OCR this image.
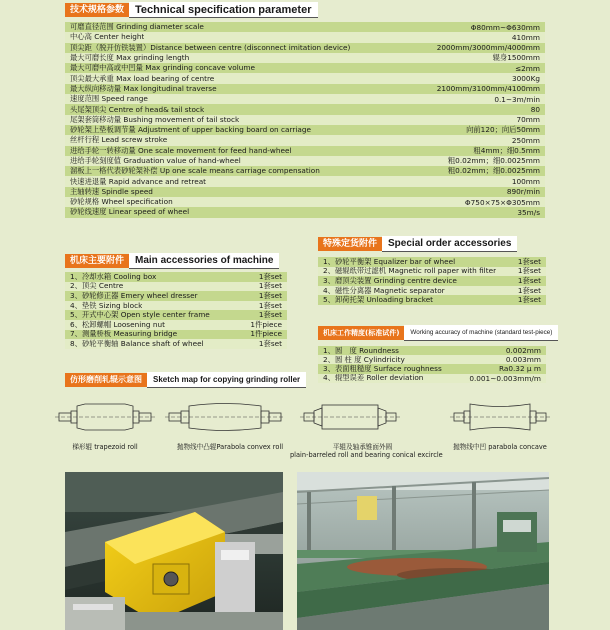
技术规格参数	Technical specification parameter
可磨直径范围 Grinding diameter scale	Φ80mm~Φ630mm
中心高 Center height	410mm
顶尖距（脱开仿铁装置）Distance between centre (disconnect imitation device)	2000mm/3000mm/4000mm
最大可磨长度 Max grinding length	辊身1500mm
最大可磨中高或中凹量 Max grinding concave volume	≤2mm
顶尖最大承重 Max load bearing of centre	3000Kg
最大纵向移动量 Max longitudinal traverse	2100mm/3100mm/4100mm
速度范围 Speed range	0.1~3m/min
头尾架顶尖 Centre of head& tail stock	80
尾架套筒移动量 Bushing movement of tail stock	70mm
砂轮架上垫板调节量 Adjustment of upper backing board on carriage	向前120；向后50mm
丝杆行程 Lead screw stroke	250mm
进给手轮一转移动量 One scale movement for feed hand-wheel	粗4mm；细0.5mm
进给手轮刻度值 Graduation value of hand-wheel	粗0.02mm；细0.0025mm
溜板上一格代表砂轮架补偿 Up one scale means carriage compensation	粗0.02mm；细0.0025mm
快速进退量 Rapid advance and retreat	100mm
主轴转速 Spindle speed	890r/min
砂轮规格 Wheel specification	Φ750×75×Φ305mm
砂轮线速度 Linear speed of wheel	35m/s
机床主要附件	Main accessories of machine
1、冷却水箱 Cooling box	1套set
2、顶尖 Centre	1套set
3、砂轮修正器 Emery wheel dresser	1套set
4、垫铁 Sizing block	1套set
5、开式中心架 Open style center frame	1套set
6、松卸螺帽 Loosening nut	1件piece
7、测量桥板 Measuring bridge	1件piece
8、砂轮平衡轴 Balance shaft of wheel	1套set
特殊定货附件	Special order accessories
1、砂轮平衡架 Equalizer bar of wheel	1套set
2、磁辊纸带过滤机 Magnetic roll paper with filter	1套set
3、磨顶尖装置 Grinding centre device	1套set
4、磁性分离器 Magnetic separator	1套set
5、卸荷托架 Unloading bracket	1套set
机床工作精度(标准试件)	Working accuracy of machine (standard test-piece)
1、圆　度 Roundness	0.002mm
2、圆 柱 度 Cylindricity	0.003mm
3、表面粗糙度 Surface roughness	Ra0.32 μ m
4、辊型误差 Roller deviation	0.001~0.003mm/m
仿形磨削轧辊示意图	Sketch map for copying grinding roller
梯形辊 trapezoid roll	抛物线中凸辊Parabola convex roll	平辊及轴承锥面外圆
plain-barreled roll and bearing conical excircle
抛物线中凹 parabola concave
